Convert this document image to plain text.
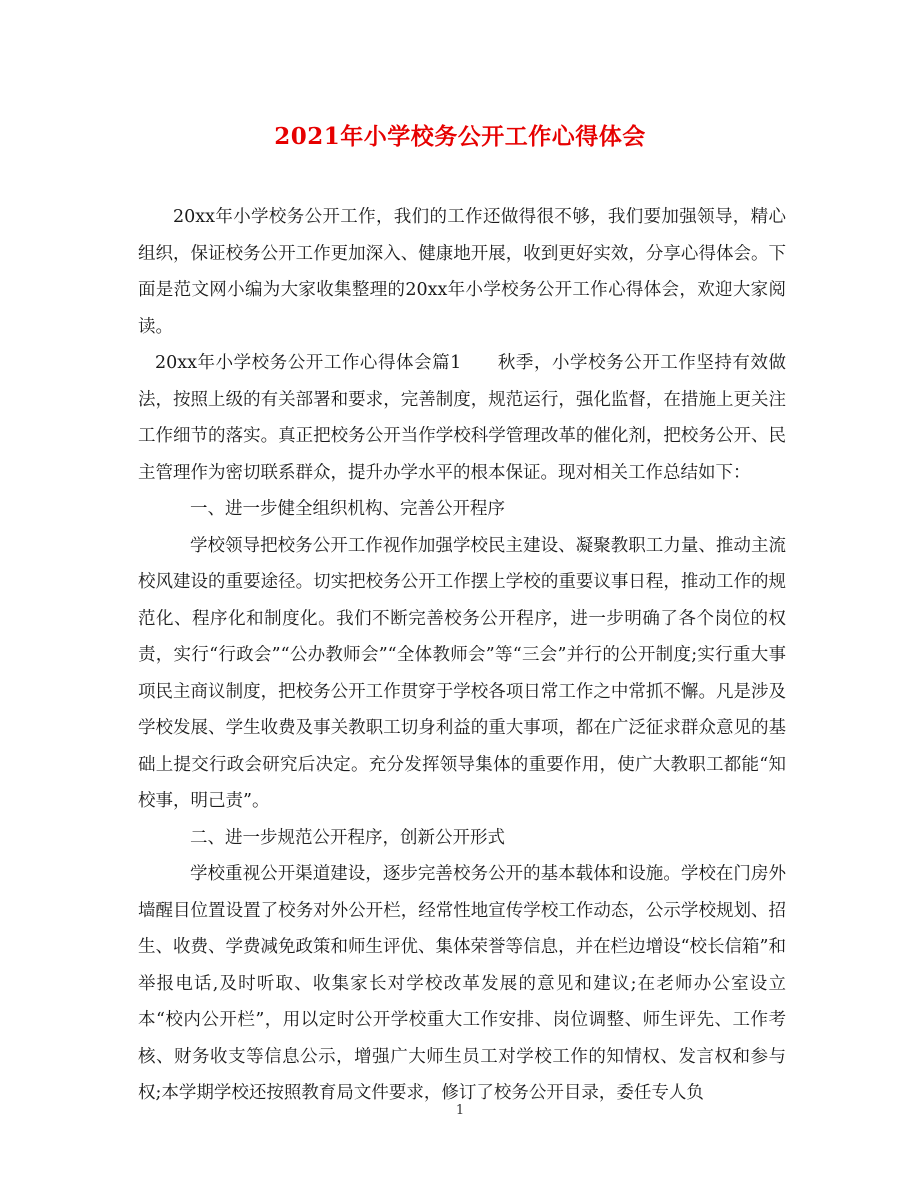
2021年小学校务公开工作心得体会

20xx年小学校务公开工作，我们的工作还做得很不够，我们要加强领导，精心组织，保证校务公开工作更加深入、健康地开展，收到更好实效，分享心得体会。下面是范文网小编为大家收集整理的20xx年小学校务公开工作心得体会，欢迎大家阅读。

20xx年小学校务公开工作心得体会篇1　　秋季，小学校务公开工作坚持有效做法，按照上级的有关部署和要求，完善制度，规范运行，强化监督，在措施上更关注工作细节的落实。真正把校务公开当作学校科学管理改革的催化剂，把校务公开、民主管理作为密切联系群众，提升办学水平的根本保证。现对相关工作总结如下：

一、进一步健全组织机构、完善公开程序

学校领导把校务公开工作视作加强学校民主建设、凝聚教职工力量、推动主流校风建设的重要途径。切实把校务公开工作摆上学校的重要议事日程，推动工作的规范化、程序化和制度化。我们不断完善校务公开程序，进一步明确了各个岗位的权责，实行“行政会”“公办教师会”“全体教师会”等“三会”并行的公开制度;实行重大事项民主商议制度，把校务公开工作贯穿于学校各项日常工作之中常抓不懈。凡是涉及学校发展、学生收费及事关教职工切身利益的重大事项，都在广泛征求群众意见的基础上提交行政会研究后决定。充分发挥领导集体的重要作用，使广大教职工都能“知校事，明己责”。

二、进一步规范公开程序，创新公开形式

学校重视公开渠道建设，逐步完善校务公开的基本载体和设施。学校在门房外墙醒目位置设置了校务对外公开栏，经常性地宣传学校工作动态，公示学校规划、招生、收费、学费减免政策和师生评优、集体荣誉等信息，并在栏边增设“校长信箱”和举报电话,及时听取、收集家长对学校改革发展的意见和建议;在老师办公室设立本“校内公开栏”，用以定时公开学校重大工作安排、岗位调整、师生评先、工作考核、财务收支等信息公示，增强广大师生员工对学校工作的知情权、发言权和参与权;本学期学校还按照教育局文件要求，修订了校务公开目录，委任专人负

1
